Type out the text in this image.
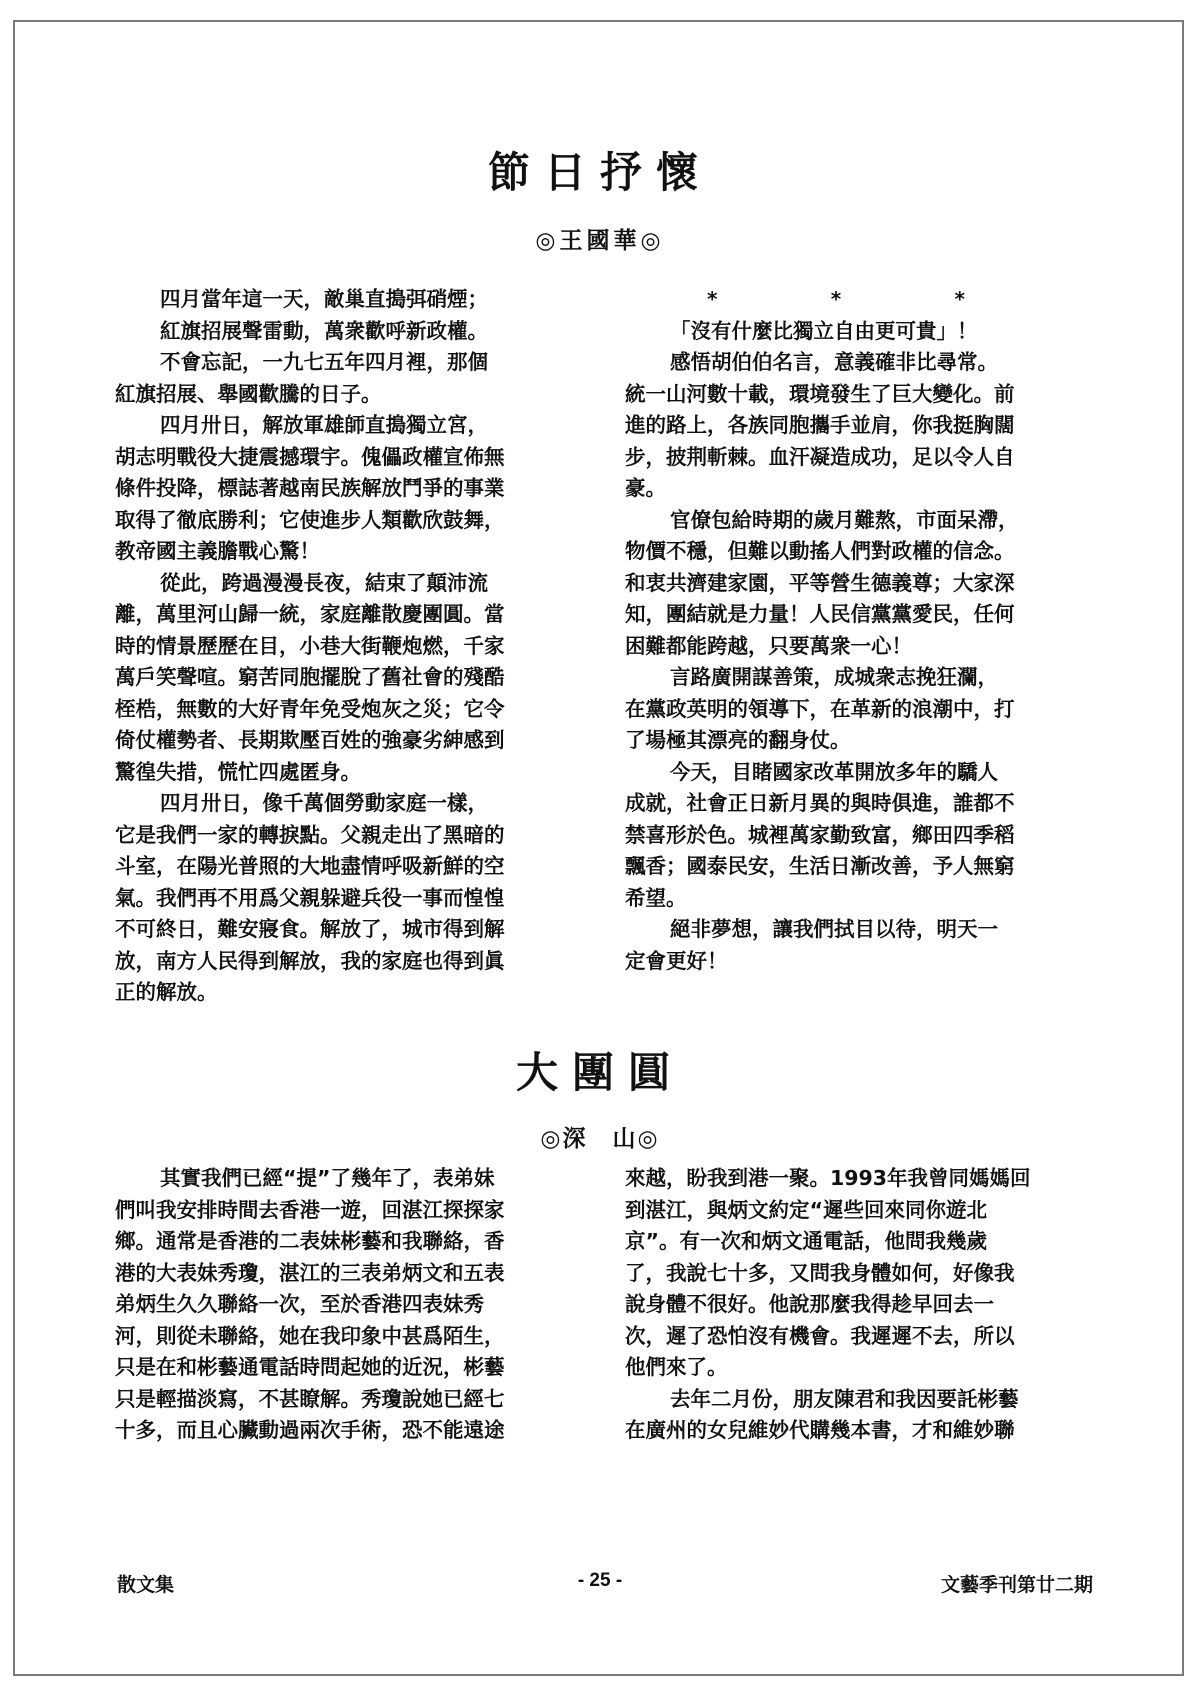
節日抒懷
◎王國華◎
四月當年這一天，敵巢直搗弭硝煙；
紅旗招展聲雷動，萬衆歡呼新政權。
不會忘記，一九七五年四月裡，那個
紅旗招展、舉國歡騰的日子。
四月卅日，解放軍雄師直搗獨立宮，
胡志明戰役大捷震撼環宇。傀儡政權宣佈無
條件投降，標誌著越南民族解放鬥爭的事業
取得了徹底勝利；它使進步人類歡欣鼓舞，
教帝國主義膽戰心驚！
從此，跨過漫漫長夜，結束了顛沛流
離，萬里河山歸一統，家庭離散慶團圓。當
時的情景歷歷在目，小巷大街鞭炮燃，千家
萬戶笑聲喧。窮苦同胞擺脫了舊社會的殘酷
桎梏，無數的大好青年免受炮灰之災；它令
倚仗權勢者、長期欺壓百姓的強豪劣紳感到
驚徨失措，慌忙四處匿身。
四月卅日，像千萬個勞動家庭一樣，
它是我們一家的轉捩點。父親走出了黑暗的
斗室，在陽光普照的大地盡情呼吸新鮮的空
氣。我們再不用爲父親躲避兵役一事而惶惶
不可終日，難安寢食。解放了，城市得到解
放，南方人民得到解放，我的家庭也得到眞
正的解放。
*	*	*
「沒有什麼比獨立自由更可貴」！
感悟胡伯伯名言，意義確非比尋常。
統一山河數十載，環境發生了巨大變化。前
進的路上，各族同胞攜手並肩，你我挺胸闊
步，披荆斬棘。血汗凝造成功，足以令人自
豪。
官僚包給時期的歲月難熬，市面呆滯，
物價不穩，但難以動搖人們對政權的信念。
和衷共濟建家園，平等營生德義尊；大家深
知，團結就是力量！人民信黨黨愛民，任何
困難都能跨越，只要萬衆一心！
言路廣開謀善策，成城衆志挽狂瀾，
在黨政英明的領導下，在革新的浪潮中，打
了場極其漂亮的翻身仗。
今天，目睹國家改革開放多年的驕人
成就，社會正日新月異的與時俱進，誰都不
禁喜形於色。城裡萬家勤致富，鄉田四季稻
飄香；國泰民安，生活日漸改善，予人無窮
希望。
絕非夢想，讓我們拭目以待，明天一
定會更好！
大團圓
◎深　山◎
其實我們已經“提”了幾年了，表弟妹
們叫我安排時間去香港一遊，回湛江探探家
鄉。通常是香港的二表妹彬藝和我聯絡，香
港的大表妹秀瓊，湛江的三表弟炳文和五表
弟炳生久久聯絡一次，至於香港四表妹秀
河，則從未聯絡，她在我印象中甚爲陌生，
只是在和彬藝通電話時問起她的近況，彬藝
只是輕描淡寫，不甚瞭解。秀瓊說她已經七
十多，而且心臟動過兩次手術，恐不能遠途
來越，盼我到港一聚。1993年我曾同媽媽回
到湛江，與炳文約定“遲些回來同你遊北
京”。有一次和炳文通電話，他問我幾歲
了，我說七十多，又問我身體如何，好像我
說身體不很好。他說那麼我得趁早回去一
次，遲了恐怕沒有機會。我遲遲不去，所以
他們來了。
去年二月份，朋友陳君和我因要託彬藝
在廣州的女兒維妙代購幾本書，才和維妙聯
散文集	- 25 -	文藝季刊第廿二期
